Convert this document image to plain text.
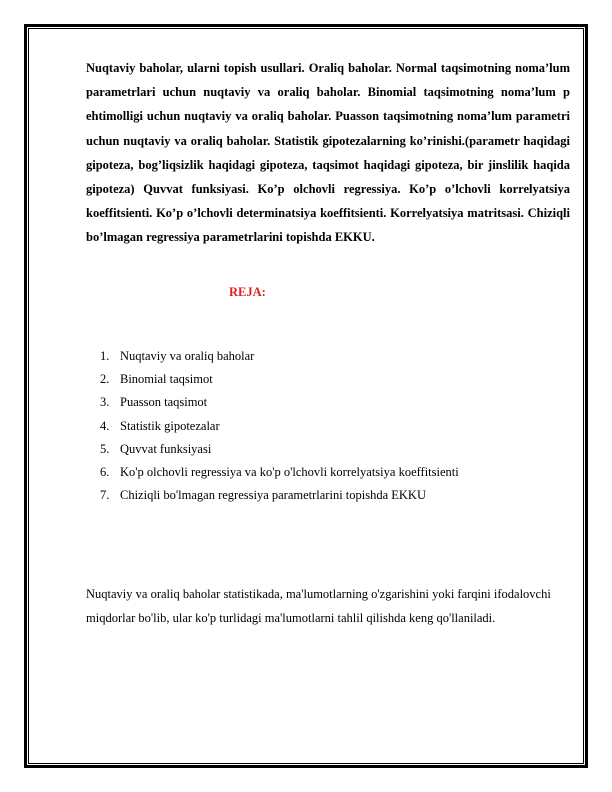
Nuqtaviy baholar, ularni topish usullari. Oraliq baholar. Normal taqsimotning noma’lum parametrlari uchun nuqtaviy va oraliq baholar. Binomial taqsimotning noma’lum p ehtimolligi uchun nuqtaviy va oraliq baholar. Puasson taqsimotning noma’lum parametri uchun nuqtaviy va oraliq baholar. Statistik gipotezalarning ko’rinishi.(parametr haqidagi gipoteza, bog’liqsizlik haqidagi gipoteza, taqsimot haqidagi gipoteza, bir jinslilik haqida gipoteza) Quvvat funksiyasi. Ko’p olchovli regressiya. Ko’p o’lchovli korrelyatsiya koeffitsienti. Ko’p o’lchovli determinatsiya koeffitsienti. Korrelyatsiya matritsasi. Chiziqli bo’lmagan regressiya parametrlarini topishda EKKU.

REJA:

1. Nuqtaviy va oraliq baholar
2. Binomial taqsimot
3. Puasson taqsimot
4. Statistik gipotezalar
5. Quvvat funksiyasi
6. Ko'p olchovli regressiya va ko'p o'lchovli korrelyatsiya koeffitsienti
7. Chiziqli bo'lmagan regressiya parametrlarini topishda EKKU

Nuqtaviy va oraliq baholar statistikada, ma'lumotlarning o'zgarishini yoki farqini ifodalovchi miqdorlar bo'lib, ular ko'p turlidagi ma'lumotlarni tahlil qilishda keng qo'llaniladi.
